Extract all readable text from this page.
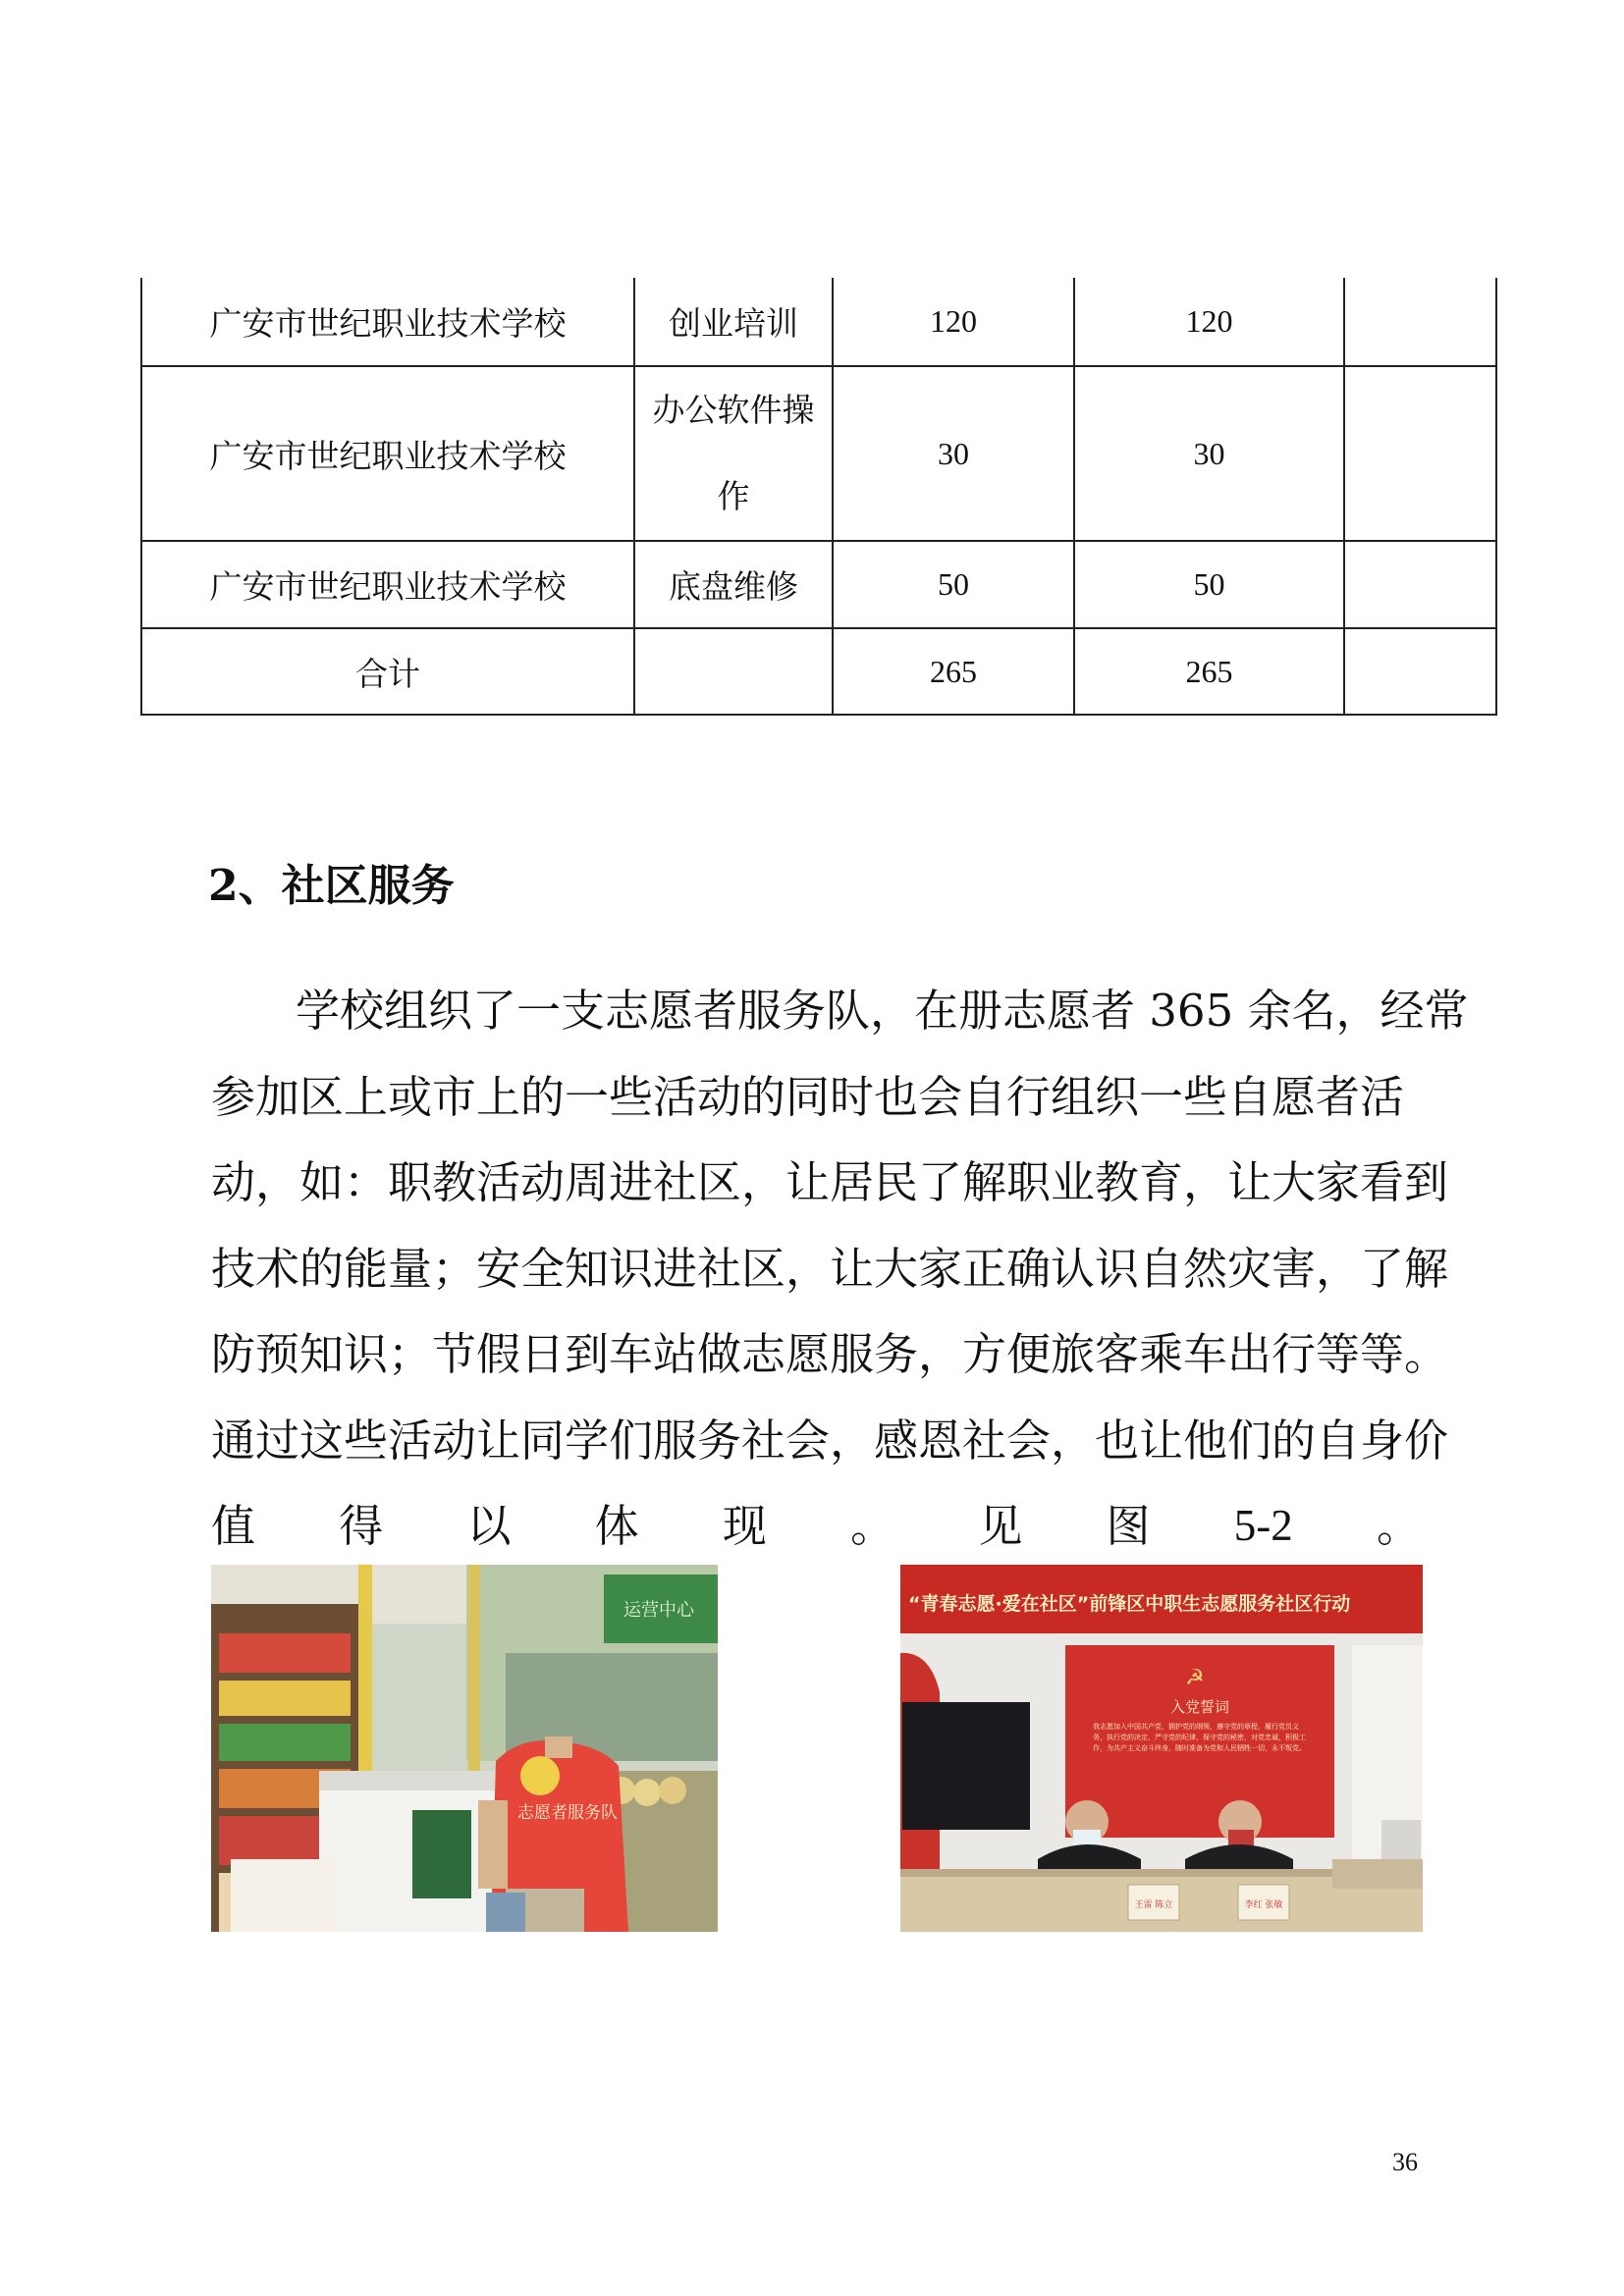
广安市世纪职业技术学校	创业培训	120	120	
广安市世纪职业技术学校	办公软件操作	30	30	
广安市世纪职业技术学校	底盘维修	50	50	
合计		265	265	
2、社区服务

学校组织了一支志愿者服务队，在册志愿者 365 余名，经常
参加区上或市上的一些活动的同时也会自行组织一些自愿者活
动，如：职教活动周进社区，让居民了解职业教育，让大家看到
技术的能量；安全知识进社区，让大家正确认识自然灾害，了解
防预知识；节假日到车站做志愿服务，方便旅客乘车出行等等。
通过这些活动让同学们服务社会，感恩社会，也让他们的自身价
值 得 以 体 现 。 见 图 5-2 。

运营中心
志愿者服务队
“青春志愿·爱在社区”前锋区中职生志愿服务社区行动
☭
入党誓词
我志愿加入中国共产党，拥护党的纲领，遵守党的章程，履行党员义务，执行党的决定，严守党的纪律，保守党的秘密，对党忠诚，积极工作，为共产主义奋斗终身，随时准备为党和人民牺牲一切，永不叛党。
王雷 陈立	李红 张敏
36
